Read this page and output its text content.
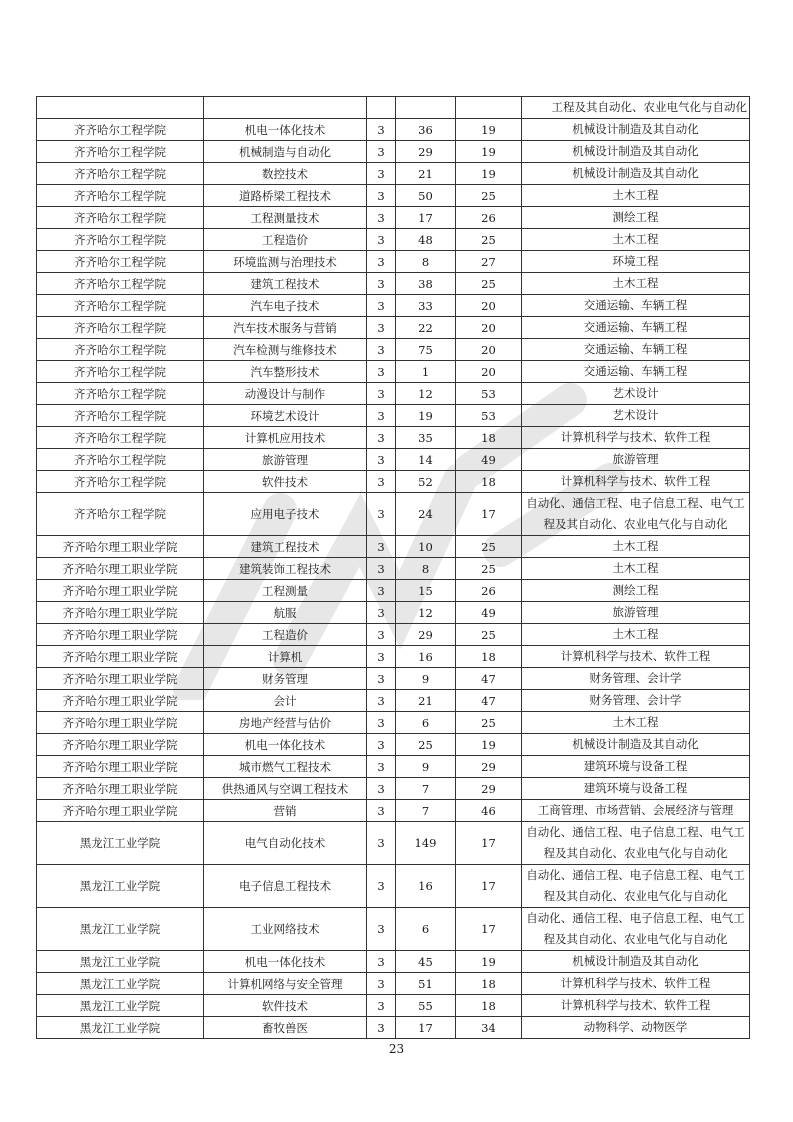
					工程及其自动化、农业电气化与自动化
齐齐哈尔工程学院	机电一体化技术	3	36	19	机械设计制造及其自动化
齐齐哈尔工程学院	机械制造与自动化	3	29	19	机械设计制造及其自动化
齐齐哈尔工程学院	数控技术	3	21	19	机械设计制造及其自动化
齐齐哈尔工程学院	道路桥梁工程技术	3	50	25	土木工程
齐齐哈尔工程学院	工程测量技术	3	17	26	测绘工程
齐齐哈尔工程学院	工程造价	3	48	25	土木工程
齐齐哈尔工程学院	环境监测与治理技术	3	8	27	环境工程
齐齐哈尔工程学院	建筑工程技术	3	38	25	土木工程
齐齐哈尔工程学院	汽车电子技术	3	33	20	交通运输、车辆工程
齐齐哈尔工程学院	汽车技术服务与营销	3	22	20	交通运输、车辆工程
齐齐哈尔工程学院	汽车检测与维修技术	3	75	20	交通运输、车辆工程
齐齐哈尔工程学院	汽车整形技术	3	1	20	交通运输、车辆工程
齐齐哈尔工程学院	动漫设计与制作	3	12	53	艺术设计
齐齐哈尔工程学院	环境艺术设计	3	19	53	艺术设计
齐齐哈尔工程学院	计算机应用技术	3	35	18	计算机科学与技术、软件工程
齐齐哈尔工程学院	旅游管理	3	14	49	旅游管理
齐齐哈尔工程学院	软件技术	3	52	18	计算机科学与技术、软件工程
齐齐哈尔工程学院	应用电子技术	3	24	17	自动化、通信工程、电子信息工程、电气工程及其自动化、农业电气化与自动化
齐齐哈尔理工职业学院	建筑工程技术	3	10	25	土木工程
齐齐哈尔理工职业学院	建筑装饰工程技术	3	8	25	土木工程
齐齐哈尔理工职业学院	工程测量	3	15	26	测绘工程
齐齐哈尔理工职业学院	航服	3	12	49	旅游管理
齐齐哈尔理工职业学院	工程造价	3	29	25	土木工程
齐齐哈尔理工职业学院	计算机	3	16	18	计算机科学与技术、软件工程
齐齐哈尔理工职业学院	财务管理	3	9	47	财务管理、会计学
齐齐哈尔理工职业学院	会计	3	21	47	财务管理、会计学
齐齐哈尔理工职业学院	房地产经营与估价	3	6	25	土木工程
齐齐哈尔理工职业学院	机电一体化技术	3	25	19	机械设计制造及其自动化
齐齐哈尔理工职业学院	城市燃气工程技术	3	9	29	建筑环境与设备工程
齐齐哈尔理工职业学院	供热通风与空调工程技术	3	7	29	建筑环境与设备工程
齐齐哈尔理工职业学院	营销	3	7	46	工商管理、市场营销、会展经济与管理
黑龙江工业学院	电气自动化技术	3	149	17	自动化、通信工程、电子信息工程、电气工程及其自动化、农业电气化与自动化
黑龙江工业学院	电子信息工程技术	3	16	17	自动化、通信工程、电子信息工程、电气工程及其自动化、农业电气化与自动化
黑龙江工业学院	工业网络技术	3	6	17	自动化、通信工程、电子信息工程、电气工程及其自动化、农业电气化与自动化
黑龙江工业学院	机电一体化技术	3	45	19	机械设计制造及其自动化
黑龙江工业学院	计算机网络与安全管理	3	51	18	计算机科学与技术、软件工程
黑龙江工业学院	软件技术	3	55	18	计算机科学与技术、软件工程
黑龙江工业学院	畜牧兽医	3	17	34	动物科学、动物医学
23
